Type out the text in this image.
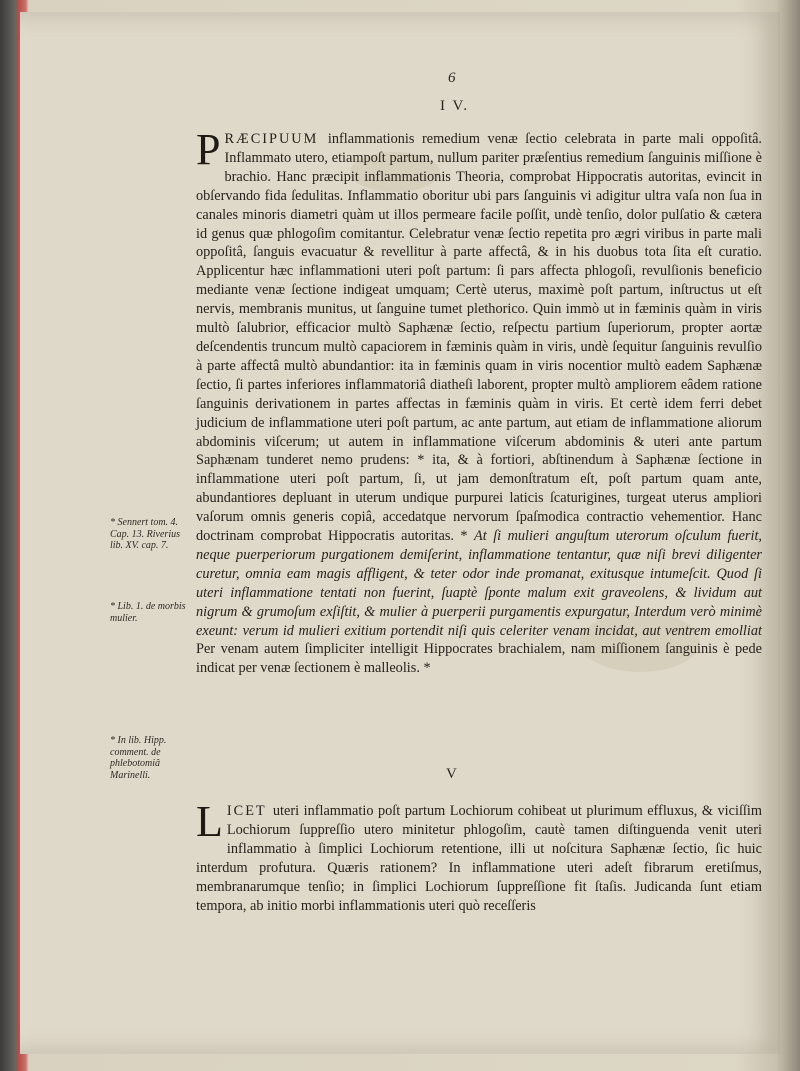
6
I V.
P RÆCIPUUM inflammationis remedium venæ ſectio celebrata in parte mali oppoſitâ. Inflammato utero, etiampoſt partum, nullum pariter præſentius remedium ſanguinis miſſione è brachio. Hanc præcipit inflammationis Theoria, comprobat Hippocratis autoritas, evincit in obſervando fida ſedulitas. Inflammatio oboritur ubi pars ſanguinis vi adigitur ultra vaſa non ſua in canales minoris diametri quàm ut illos permeare facile poſſit, undè tenſio, dolor pulſatio & cætera id genus quæ phlogoſim comitantur. Celebratur venæ ſectio repetita pro ægri viribus in parte mali oppoſitâ, ſanguis evacuatur & revellitur à parte affectâ, & in his duobus tota ſita eſt curatio. Applicentur hæc inflammationi uteri poſt partum: ſi pars affecta phlogoſi, revulſionis beneficio mediante venæ ſectione indigeat umquam; Certè uterus, maximè poſt partum, inſtructus ut eſt nervis, membranis munitus, ut ſanguine tumet plethorico. Quin immò ut in fæminis quàm in viris multò ſalubrior, efficacior multò Saphænæ ſectio, reſpectu partium ſuperiorum, propter aortæ deſcendentis truncum multò capaciorem in fæminis quàm in viris, undè ſequitur ſanguinis revulſio à parte affectâ multò abundantior: ita in fæminis quam in viris nocentior multò eadem Saphænæ ſectio, ſi partes inferiores inflammatoriâ diatheſi laborent, propter multò ampliorem eâdem ratione ſanguinis derivationem in partes affectas in fæminis quàm in viris. Et certè idem ferri debet judicium de inflammatione uteri poſt partum, ac ante partum, aut etiam de inflammatione aliorum abdominis viſcerum; ut autem in inflammatione viſcerum abdominis & uteri ante partum Saphænam tunderet nemo prudens: * ita, & à fortiori, abſtinendum à Saphænæ ſectione in inflammatione uteri poſt partum, ſi, ut jam demonſtratum eſt, poſt partum quam ante, abundantiores depluant in uterum undique purpurei laticis ſcaturigines, turgeat uterus ampliori vaſorum omnis generis copiâ, accedatque nervorum ſpaſmodica contractio vehementior. Hanc doctrinam comprobat Hippocratis autoritas. * At ſi mulieri anguſtum uterorum oſculum fuerit, neque puerperiorum purgationem demiſerint, inflammatione tentantur, quæ niſi brevi diligenter curetur, omnia eam magis affligent, & teter odor inde promanat, exitusque intumeſcit. Quod ſi uteri inflammatione tentati non fuerint, ſuaptè ſponte malum exit graveolens, & lividum aut nigrum & grumoſum exſiſtit, & mulier à puerperii purgamentis expurgatur, Interdum verò minimè exeunt: verum id mulieri exitium portendit niſi quis celeriter venam incidat, aut ventrem emolliat Per venam autem ſimpliciter intelligit Hippocrates brachialem, nam miſſionem ſanguinis è pede indicat per venæ ſectionem è malleolis. *
* Sennert tom. 4. Cap. 13. Riverius lib. XV. cap. 7.
* Lib. 1. de morbis mulier.
* In lib. Hipp. comment. de phlebotomiâ Marinelli.	V
L ICET uteri inflammatio poſt partum Lochiorum cohibeat ut plurimum effluxus, & viciſſim Lochiorum ſuppreſſio utero minitetur phlogoſim, cautè tamen diſtinguenda venit uteri inflammatio à ſimplici Lochiorum retentione, illi ut noſcitura Saphænæ ſectio, ſic huic interdum profutura. Quæris rationem? In inflammatione uteri adeſt fibrarum eretiſmus, membranarumque tenſio; in ſimplici Lochiorum ſuppreſſione fit ſtaſis. Judicanda ſunt etiam tempora, ab initio morbi inflammationis uteri quò receſſeris
